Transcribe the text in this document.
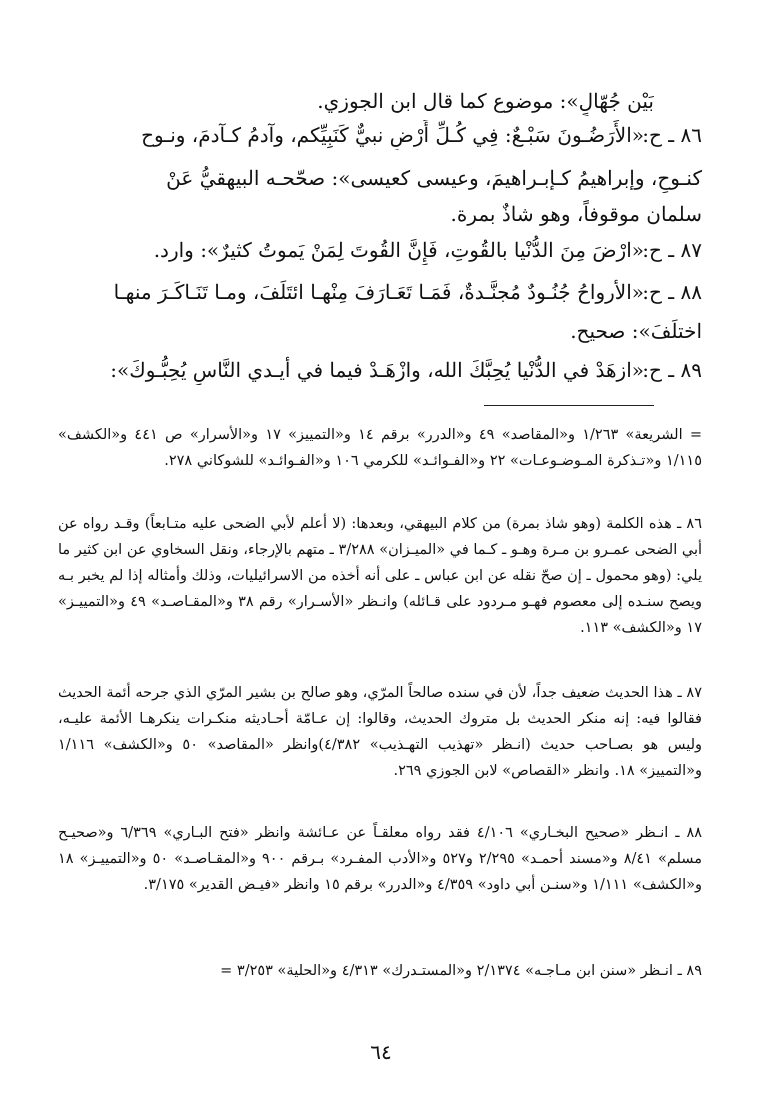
بَيْن جُهّالٍ»: موضوع كما قال ابن الجوزي.
٨٦ ـ ح:
«الأَرَضُـونَ سَبْـعٌ: فِي كُـلِّ أَرْضٍ نبيٌّ كَنَبِيِّكم، وآدمُ كـآدمَ، ونـوح
كنـوحٍ، وإبراهيمُ كـإبـراهيمَ، وعيسى كعيسى»: صحّحـه البيهقيُّ عَنْ
سلمان موقوفاً، وهو شاذٌ بمرة.
٨٧ ـ ح:
«ارْضَ مِنَ الدُّنْيا بالقُوتِ، فَإِنَّ القُوتَ لِمَنْ يَموتُ كثيرٌ»: وارد.
٨٨ ـ ح:
«الأرواحُ جُنُـودٌ مُجنَّـدةٌ، فَمَـا تَعَـارَفَ مِنْهـا ائتَلَفَ، ومـا تَنَـاكَـرَ منهـا
اختلَفَ»: صحيح.
٨٩ ـ ح:
«ازهَدْ في الدُّنْيا يُحِبَّكَ الله، وازْهَـدْ فيما في أيـدي النَّاسِ يُحِبُّـوكَ»:
= الشريعة» ١/٢٦٣ و«المقاصد» ٤٩ و«الدرر» برقم ١٤ و«التمييز» ١٧ و«الأسرار» ص ٤٤١ و«الكشف» ١/١١٥ و«تـذكرة المـوضـوعـات» ٢٢ و«الفـوائـد» للكرمي ١٠٦ و«الفـوائـد» للشوكاني ٢٧٨.
٨٦ ـ هذه الكلمة (وهو شاذ بمرة) من كلام البيهقي، وبعدها: (لا أعلم لأبي الضحى عليه متـابعاً) وقـد رواه عن أبي الضحى عمـرو بن مـرة وهـو ـ كـما في «الميـزان» ٣/٢٨٨ ـ متهم بالإرجاء، ونقل السخاوي عن ابن كثير ما يلي: (وهو محمول ـ إن صحّ نقله عن ابن عباس ـ على أنه أخذه من الاسرائيليات، وذلك وأمثاله إذا لم يخبر بـه ويصح سنـده إلى معصوم فهـو مـردود على قـائله) وانـظر «الأسـرار» رقم ٣٨ و«المقـاصـد» ٤٩ و«التمييـز» ١٧ و«الكشف» ١١٣.
٨٧ ـ هذا الحديث ضعيف جداً، لأن في سنده صالحاً المرّي، وهو صالح بن بشير المرّي الذي جرحه أئمة الحديث فقالوا فيه: إنه منكر الحديث بل متروك الحديث، وقالوا: إن عـامّة أحـاديثه منكـرات ينكرهـا الأئمة عليـه، وليس هو بصـاحب حديث (انـظر «تهذيب التهـذيب» ٤/٣٨٢)وانظر «المقاصد» ٥٠ و«الكشف» ١/١١٦ و«التمييز» ١٨. وانظر «القصاص» لابن الجوزي ٢٦٩.
٨٨ ـ انـظر «صحيح البخـاري» ٤/١٠٦ فقد رواه معلقـاً عن عـائشة وانظر «فتح البـاري» ٦/٣٦٩ و«صحيـح مسلم» ٨/٤١ و«مسند أحمـد» ٢/٢٩٥ و٥٢٧ و«الأدب المفـرد» بـرقم ٩٠٠ و«المقـاصـد» ٥٠ و«التمييـز» ١٨ و«الكشف» ١/١١١ و«سنـن أبي داود» ٤/٣٥٩ و«الدرر» برقم ١٥ وانظر «فيـض القدير» ٣/١٧٥.
٨٩ ـ انـظر «سنن ابن مـاجـه» ٢/١٣٧٤ و«المستـدرك» ٤/٣١٣ و«الحلية» ٣/٢٥٣ =
٦٤
